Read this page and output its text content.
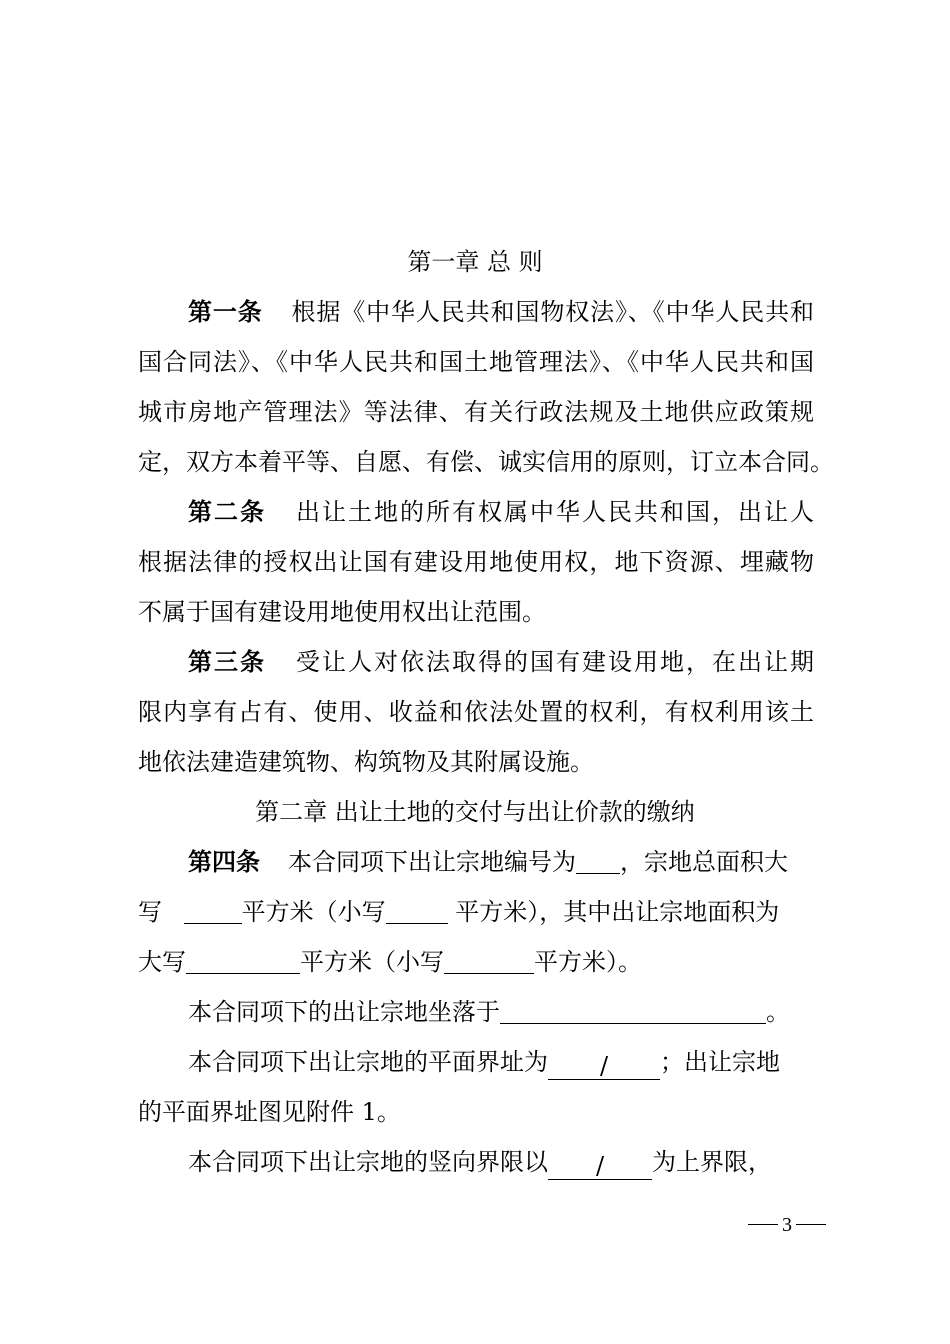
第一章 总 则
第一条 根据《中华人民共和国物权法》、《中华人民共和
国合同法》、《中华人民共和国土地管理法》、《中华人民共和国
城市房地产管理法》等法律、有关行政法规及土地供应政策规
定，双方本着平等、自愿、有偿、诚实信用的原则，订立本合同。
第二条 出让土地的所有权属中华人民共和国，出让人
根据法律的授权出让国有建设用地使用权，地下资源、埋藏物
不属于国有建设用地使用权出让范围。
第三条 受让人对依法取得的国有建设用地，在出让期
限内享有占有、使用、收益和依法处置的权利，有权利用该土
地依法建造建筑物、构筑物及其附属设施。
第二章 出让土地的交付与出让价款的缴纳
第四条 本合同项下出让宗地编号为 ，宗地总面积大
写	平方米（小写	平方米），其中出让宗地面积为
大写	平方米（小写	平方米）。
本合同项下的出让宗地坐落于	。
本合同项下出让宗地的平面界址为 / ；出让宗地
的平面界址图见附件 1。
本合同项下出让宗地的竖向界限以 / 为上界限，
3
